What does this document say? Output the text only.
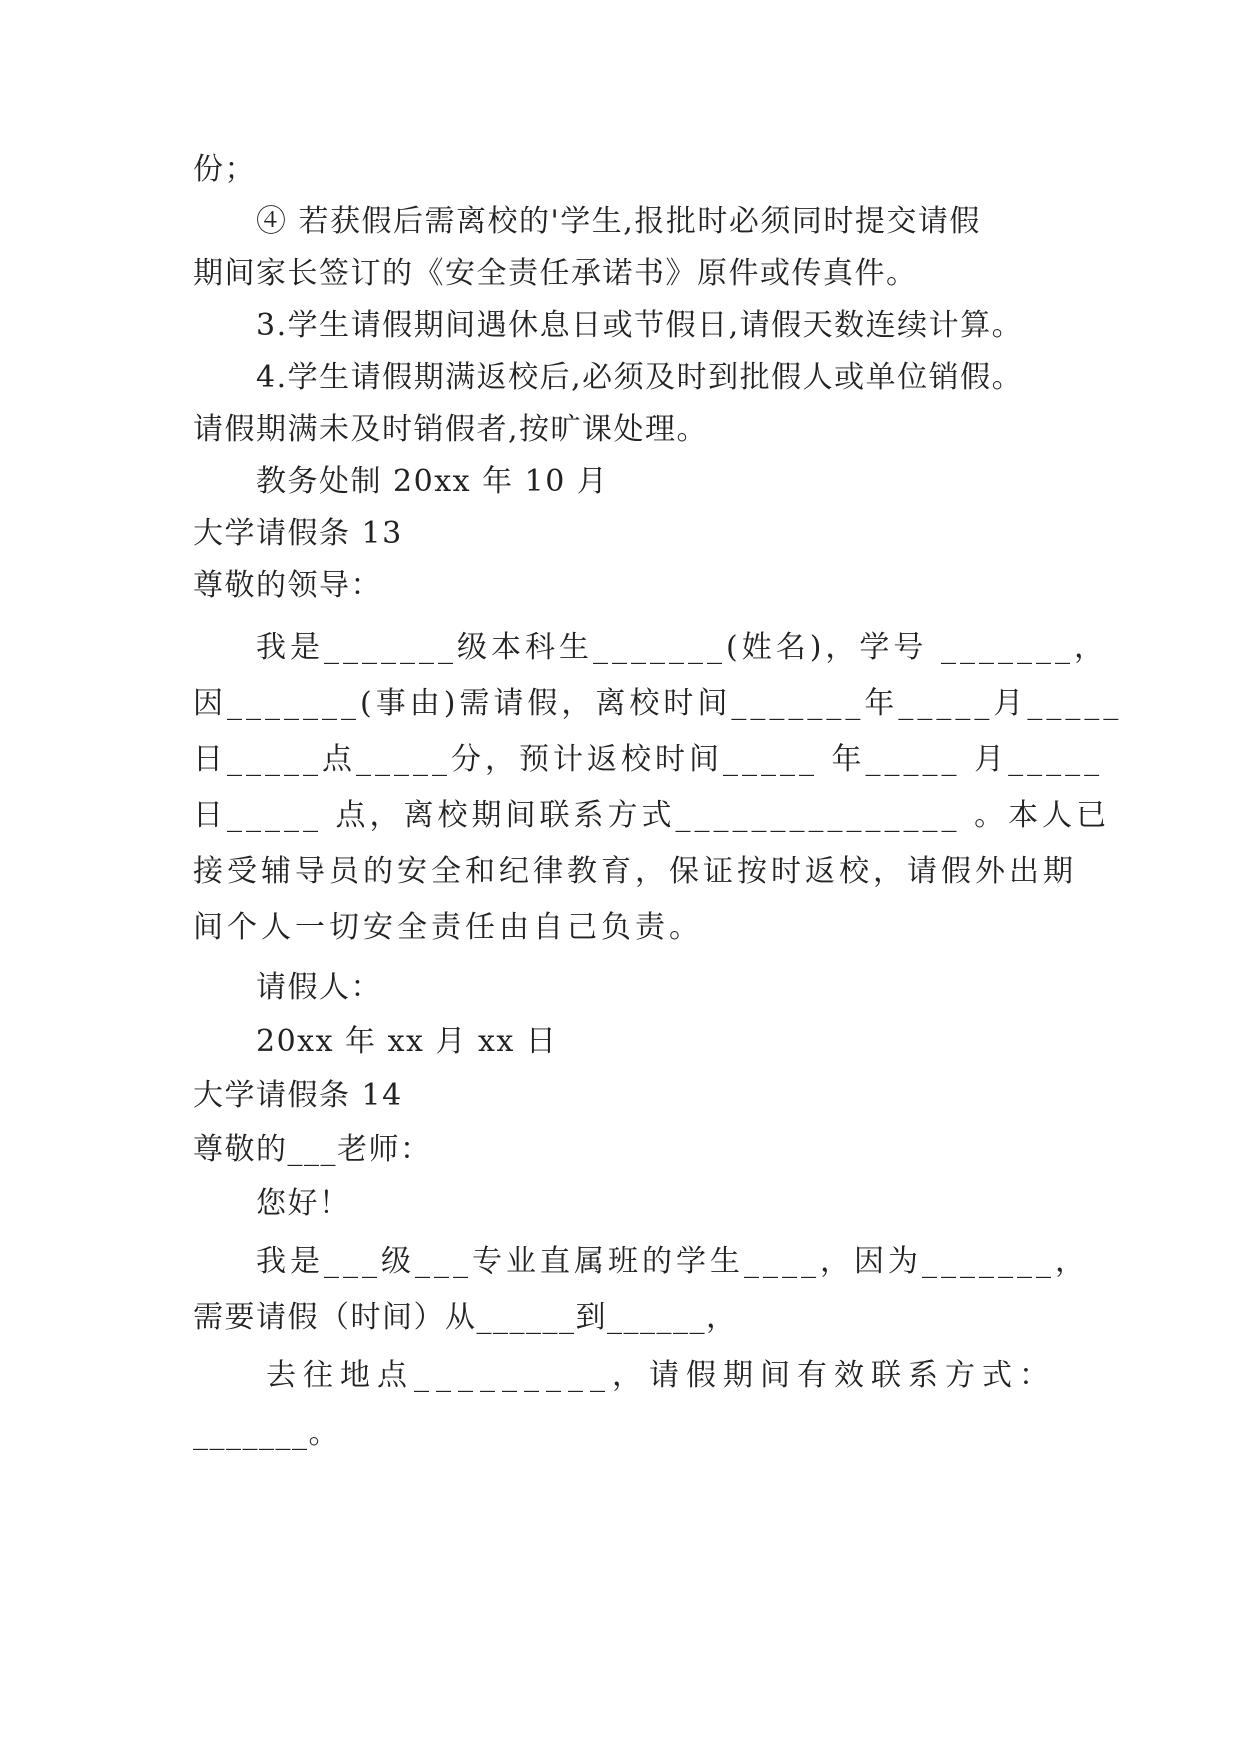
份；
④ 若获假后需离校的'学生,报批时必须同时提交请假
期间家长签订的《安全责任承诺书》原件或传真件。
3.学生请假期间遇休息日或节假日,请假天数连续计算。
4.学生请假期满返校后,必须及时到批假人或单位销假。
请假期满未及时销假者,按旷课处理。
教务处制 20xx 年 10 月
大学请假条 13
尊敬的领导：
我是_______级本科生_______(姓名)，学号 _______，
因_______(事由)需请假，离校时间_______年_____月_____
日_____点_____分，预计返校时间_____ 年_____ 月_____
日_____ 点，离校期间联系方式_______________ 。本人已
接受辅导员的安全和纪律教育，保证按时返校，请假外出期
间个人一切安全责任由自己负责。
请假人：
20xx 年 xx 月 xx 日
大学请假条 14
尊敬的___老师：
您好！
我是___级___专业直属班的学生____，因为_______，
需要请假（时间）从______到______，
去往地点_________，请假期间有效联系方式：
_______。
